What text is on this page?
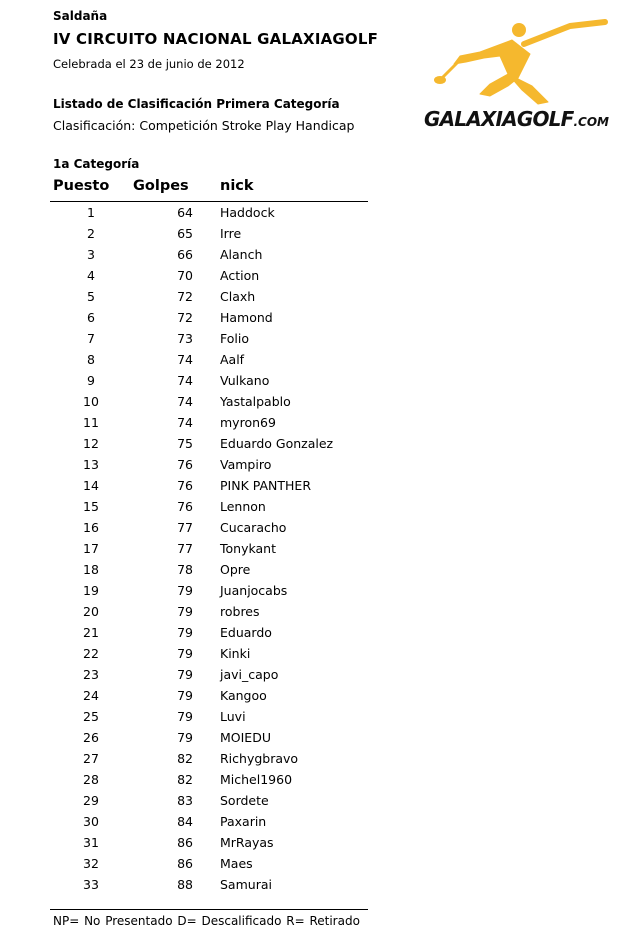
Saldaña
IV CIRCUITO NACIONAL GALAXIAGOLF
Celebrada el 23 de junio de 2012
Listado de Clasificación Primera Categoría
Clasificación: Competición Stroke Play Handicap
1a Categoría
GALAXIAGOLF.COM
Puesto Golpes nick
1	64 Haddock
2	65 Irre
3	66 Alanch
4	70 Action
5	72 Claxh
6	72 Hamond
7	73 Folio
8	74 Aalf
9	74 Vulkano
10	74 Yastalpablo
11	74 myron69
12	75 Eduardo Gonzalez
13	76 Vampiro
14	76 PINK PANTHER
15	76 Lennon
16	77 Cucaracho
17	77 Tonykant
18	78 Opre
19	79 Juanjocabs
20	79 robres
21	79 Eduardo
22	79 Kinki
23	79 javi_capo
24	79 Kangoo
25	79 Luvi
26	79 MOIEDU
27	82 Richygbravo
28	82 Michel1960
29	83 Sordete
30	84 Paxarin
31	86 MrRayas
32	86 Maes
33	88 Samurai
NP= No Presentado D= Descalificado R= Retirado
